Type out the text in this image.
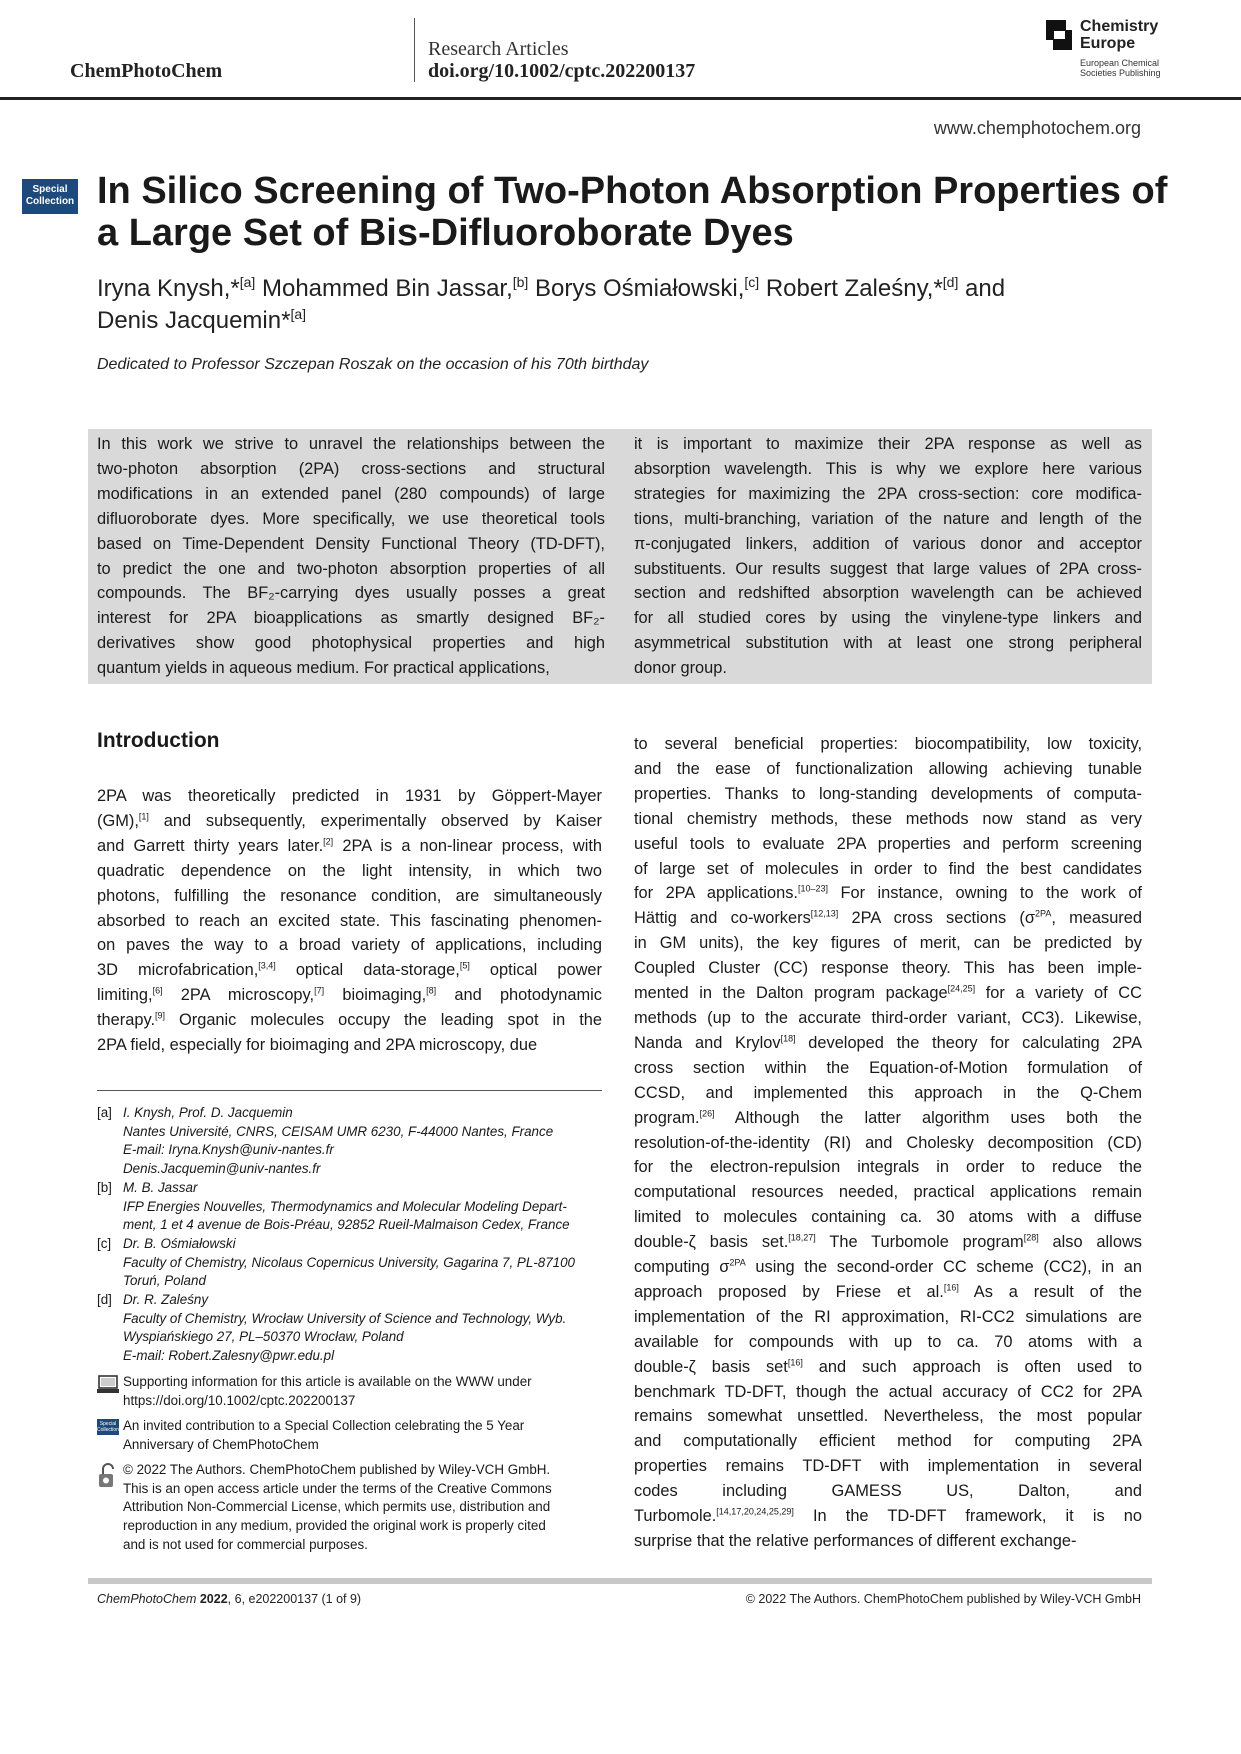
ChemPhotoChem
Research Articles
doi.org/10.1002/cptc.202200137
Chemistry
Europe
European Chemical
Societies Publishing
www.chemphotochem.org
Special
Collection In Silico Screening of Two-Photon Absorption Properties of
a Large Set of Bis-Difluoroborate Dyes
Iryna Knysh,*[a] Mohammed Bin Jassar,[b] Borys Ośmiałowski,[c] Robert Zaleśny,*[d] and
Denis Jacquemin*[a]
Dedicated to Professor Szczepan Roszak on the occasion of his 70th birthday
In this work we strive to unravel the relationships between the
two-photon absorption (2PA) cross-sections and structural
modifications in an extended panel (280 compounds) of large
difluoroborate dyes. More specifically, we use theoretical tools
based on Time-Dependent Density Functional Theory (TD-DFT),
to predict the one and two-photon absorption properties of all
compounds. The BF₂-carrying dyes usually posses a great
interest for 2PA bioapplications as smartly designed BF₂-
derivatives show good photophysical properties and high
quantum yields in aqueous medium. For practical applications,
it is important to maximize their 2PA response as well as
absorption wavelength. This is why we explore here various
strategies for maximizing the 2PA cross-section: core modifica-
tions, multi-branching, variation of the nature and length of the
π-conjugated linkers, addition of various donor and acceptor
substituents. Our results suggest that large values of 2PA cross-
section and redshifted absorption wavelength can be achieved
for all studied cores by using the vinylene-type linkers and
asymmetrical substitution with at least one strong peripheral
donor group.
Introduction
2PA was theoretically predicted in 1931 by Göppert-Mayer
(GM),[1] and subsequently, experimentally observed by Kaiser
and Garrett thirty years later.[2] 2PA is a non-linear process, with
quadratic dependence on the light intensity, in which two
photons, fulfilling the resonance condition, are simultaneously
absorbed to reach an excited state. This fascinating phenomen-
on paves the way to a broad variety of applications, including
3D microfabrication,[3,4] optical data-storage,[5] optical power
limiting,[6] 2PA microscopy,[7] bioimaging,[8] and photodynamic
therapy.[9] Organic molecules occupy the leading spot in the
2PA field, especially for bioimaging and 2PA microscopy, due
to several beneficial properties: biocompatibility, low toxicity,
and the ease of functionalization allowing achieving tunable
properties. Thanks to long-standing developments of computa-
tional chemistry methods, these methods now stand as very
useful tools to evaluate 2PA properties and perform screening
of large set of molecules in order to find the best candidates
for 2PA applications.[10–23] For instance, owning to the work of
Hättig and co-workers[12,13] 2PA cross sections ($\sigma^{2PA}$, measured
in GM units), the key figures of merit, can be predicted by
Coupled Cluster (CC) response theory. This has been imple-
mented in the Dalton program package[24,25] for a variety of CC
methods (up to the accurate third-order variant, CC3). Likewise,
Nanda and Krylov[18] developed the theory for calculating 2PA
cross section within the Equation-of-Motion formulation of
CCSD, and implemented this approach in the Q-Chem
program.[26] Although the latter algorithm uses both the
resolution-of-the-identity (RI) and Cholesky decomposition (CD)
for the electron-repulsion integrals in order to reduce the
computational resources needed, practical applications remain
limited to molecules containing ca. 30 atoms with a diffuse
double-ζ basis set.[18,27] The Turbomole program[28] also allows
computing $\sigma^{2PA}$ using the second-order CC scheme (CC2), in an
approach proposed by Friese et al.[16] As a result of the
implementation of the RI approximation, RI-CC2 simulations are
available for compounds with up to ca. 70 atoms with a
double-ζ basis set[16] and such approach is often used to
benchmark TD-DFT, though the actual accuracy of CC2 for 2PA
remains somewhat unsettled. Nevertheless, the most popular
and computationally efficient method for computing 2PA
properties remains TD-DFT with implementation in several
codes including GAMESS US, Dalton, and
Turbomole.[14,17,20,24,25,29] In the TD-DFT framework, it is no
surprise that the relative performances of different exchange-
[a] I. Knysh, Prof. D. Jacquemin
Nantes Université, CNRS, CEISAM UMR 6230, F-44000 Nantes, France
E-mail: Iryna.Knysh@univ-nantes.fr
Denis.Jacquemin@univ-nantes.fr
[b] M. B. Jassar
IFP Energies Nouvelles, Thermodynamics and Molecular Modeling Depart-
ment, 1 et 4 avenue de Bois-Préau, 92852 Rueil-Malmaison Cedex, France
[c] Dr. B. Ośmiałowski
Faculty of Chemistry, Nicolaus Copernicus University, Gagarina 7, PL-87100
Toruń, Poland
[d] Dr. R. Zaleśny
Faculty of Chemistry, Wrocław University of Science and Technology, Wyb.
Wyspiańskiego 27, PL–50370 Wrocław, Poland
E-mail: Robert.Zalesny@pwr.edu.pl
Supporting information for this article is available on the WWW under
https://doi.org/10.1002/cptc.202200137
Special
Collection An invited contribution to a Special Collection celebrating the 5 Year
Anniversary of ChemPhotoChem
© 2022 The Authors. ChemPhotoChem published by Wiley-VCH GmbH.
This is an open access article under the terms of the Creative Commons
Attribution Non-Commercial License, which permits use, distribution and
reproduction in any medium, provided the original work is properly cited
and is not used for commercial purposes.
ChemPhotoChem 2022, 6, e202200137 (1 of 9)	© 2022 The Authors. ChemPhotoChem published by Wiley-VCH GmbH
